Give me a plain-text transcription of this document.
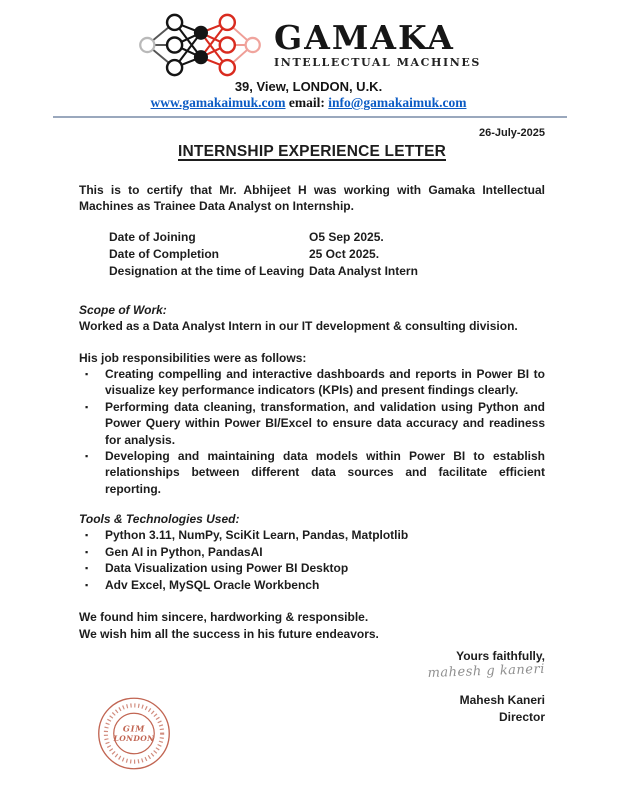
GAMAKA
INTELLECTUAL MACHINES
39, View, LONDON, U.K.
www.gamakaimuk.com email: info@gamakaimuk.com
26-July-2025
INTERNSHIP EXPERIENCE LETTER

This is to certify that Mr. Abhijeet H was working with Gamaka Intellectual Machines as Trainee Data Analyst on Internship.

Date of Joining	O5 Sep 2025.
Date of Completion	25 Oct 2025.
Designation at the time of Leaving Data Analyst Intern
Scope of Work:
Worked as a Data Analyst Intern in our IT development & consulting division.
His job responsibilities were as follows:
▪ Creating compelling and interactive dashboards and reports in Power BI to visualize key performance indicators (KPIs) and present findings clearly.
▪ Performing data cleaning, transformation, and validation using Python and Power Query within Power BI/Excel to ensure data accuracy and readiness for analysis.
▪ Developing and maintaining data models within Power BI to establish relationships between different data sources and facilitate efficient reporting.
Tools & Technologies Used:
▪ Python 3.11, NumPy, SciKit Learn, Pandas, Matplotlib
▪ Gen AI in Python, PandasAI
▪ Data Visualization using Power BI Desktop
▪ Adv Excel, MySQL Oracle Workbench
We found him sincere, hardworking & responsible.
We wish him all the success in his future endeavors.
Yours faithfully,
mahesh g kaneri
Mahesh Kaneri
Director
GIM
LONDON
